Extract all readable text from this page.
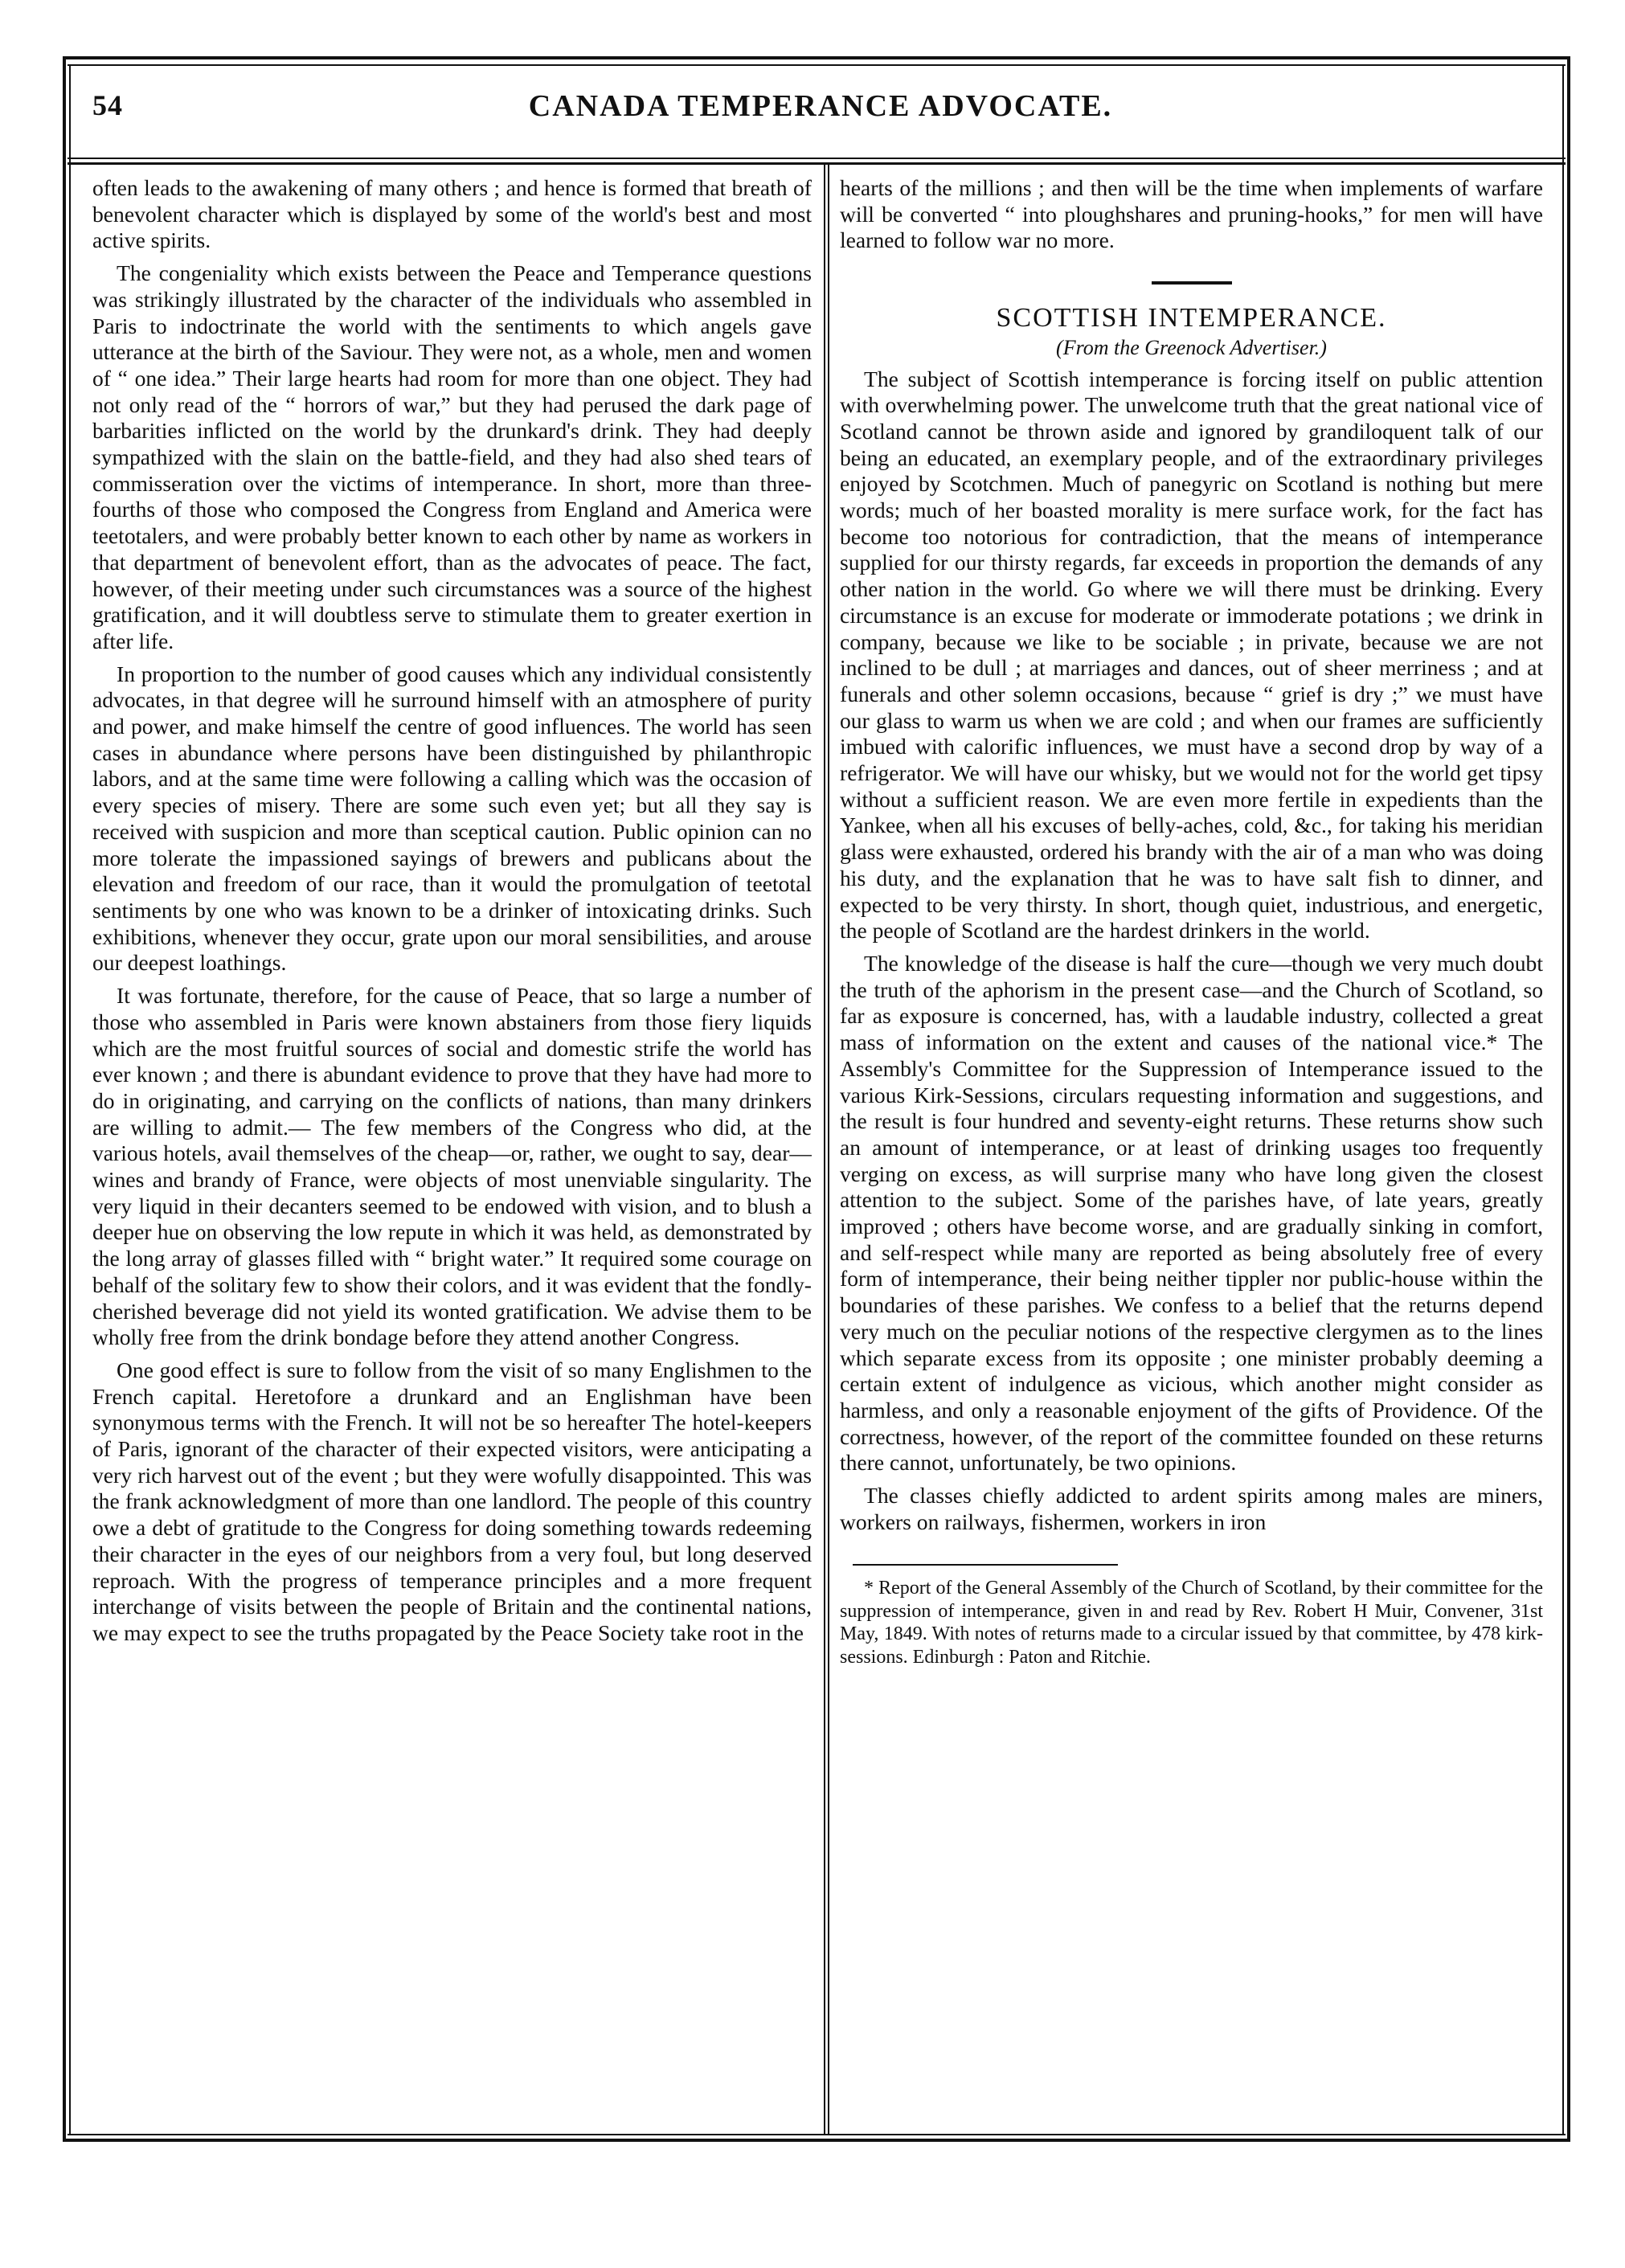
54	CANADA TEMPERANCE ADVOCATE.

often leads to the awakening of many others ; and hence is formed that breath of benevolent character which is displayed by some of the world's best and most active spirits.

The congeniality which exists between the Peace and Temperance questions was strikingly illustrated by the character of the individuals who assembled in Paris to indoctrinate the world with the sentiments to which angels gave utterance at the birth of the Saviour. They were not, as a whole, men and women of “ one idea.” Their large hearts had room for more than one object. They had not only read of the “ horrors of war,” but they had perused the dark page of barbarities inflicted on the world by the drunkard's drink. They had deeply sympathized with the slain on the battle-field, and they had also shed tears of commisseration over the victims of intemperance. In short, more than three-fourths of those who composed the Congress from England and America were teetotalers, and were probably better known to each other by name as workers in that department of benevolent effort, than as the advocates of peace. The fact, however, of their meeting under such circumstances was a source of the highest gratification, and it will doubtless serve to stimulate them to greater exertion in after life.

In proportion to the number of good causes which any individual consistently advocates, in that degree will he surround himself with an atmosphere of purity and power, and make himself the centre of good influences. The world has seen cases in abundance where persons have been distinguished by philanthropic labors, and at the same time were following a calling which was the occasion of every species of misery. There are some such even yet; but all they say is received with suspicion and more than sceptical caution. Public opinion can no more tolerate the impassioned sayings of brewers and publicans about the elevation and freedom of our race, than it would the promulgation of teetotal sentiments by one who was known to be a drinker of intoxicating drinks. Such exhibitions, whenever they occur, grate upon our moral sensibilities, and arouse our deepest loathings.

It was fortunate, therefore, for the cause of Peace, that so large a number of those who assembled in Paris were known abstainers from those fiery liquids which are the most fruitful sources of social and domestic strife the world has ever known ; and there is abundant evidence to prove that they have had more to do in originating, and carrying on the conflicts of nations, than many drinkers are willing to admit.— The few members of the Congress who did, at the various hotels, avail themselves of the cheap—or, rather, we ought to say, dear—wines and brandy of France, were objects of most unenviable singularity. The very liquid in their decanters seemed to be endowed with vision, and to blush a deeper hue on observing the low repute in which it was held, as demonstrated by the long array of glasses filled with “ bright water.” It required some courage on behalf of the solitary few to show their colors, and it was evident that the fondly-cherished beverage did not yield its wonted gratification. We advise them to be wholly free from the drink bondage before they attend another Congress.

One good effect is sure to follow from the visit of so many Englishmen to the French capital. Heretofore a drunkard and an Englishman have been synonymous terms with the French. It will not be so hereafter The hotel-keepers of Paris, ignorant of the character of their expected visitors, were anticipating a very rich harvest out of the event ; but they were wofully disappointed. This was the frank acknowledgment of more than one landlord. The people of this country owe a debt of gratitude to the Congress for doing something towards redeeming their character in the eyes of our neighbors from a very foul, but long deserved reproach. With the progress of temperance principles and a more frequent interchange of visits between the people of Britain and the continental nations, we may expect to see the truths propagated by the Peace Society take root in the

hearts of the millions ; and then will be the time when implements of warfare will be converted “ into ploughshares and pruning-hooks,” for men will have learned to follow war no more.

SCOTTISH INTEMPERANCE.
(From the Greenock Advertiser.)

The subject of Scottish intemperance is forcing itself on public attention with overwhelming power. The unwelcome truth that the great national vice of Scotland cannot be thrown aside and ignored by grandiloquent talk of our being an educated, an exemplary people, and of the extraordinary privileges enjoyed by Scotchmen. Much of panegyric on Scotland is nothing but mere words; much of her boasted morality is mere surface work, for the fact has become too notorious for contradiction, that the means of intemperance supplied for our thirsty regards, far exceeds in proportion the demands of any other nation in the world. Go where we will there must be drinking. Every circumstance is an excuse for moderate or immoderate potations ; we drink in company, because we like to be sociable ; in private, because we are not inclined to be dull ; at marriages and dances, out of sheer merriness ; and at funerals and other solemn occasions, because “ grief is dry ;” we must have our glass to warm us when we are cold ; and when our frames are sufficiently imbued with calorific influences, we must have a second drop by way of a refrigerator. We will have our whisky, but we would not for the world get tipsy without a sufficient reason. We are even more fertile in expedients than the Yankee, when all his excuses of belly-aches, cold, &c., for taking his meridian glass were exhausted, ordered his brandy with the air of a man who was doing his duty, and the explanation that he was to have salt fish to dinner, and expected to be very thirsty. In short, though quiet, industrious, and energetic, the people of Scotland are the hardest drinkers in the world.

The knowledge of the disease is half the cure—though we very much doubt the truth of the aphorism in the present case—and the Church of Scotland, so far as exposure is concerned, has, with a laudable industry, collected a great mass of information on the extent and causes of the national vice.* The Assembly's Committee for the Suppression of Intemperance issued to the various Kirk-Sessions, circulars requesting information and suggestions, and the result is four hundred and seventy-eight returns. These returns show such an amount of intemperance, or at least of drinking usages too frequently verging on excess, as will surprise many who have long given the closest attention to the subject. Some of the parishes have, of late years, greatly improved ; others have become worse, and are gradually sinking in comfort, and self-respect while many are reported as being absolutely free of every form of intemperance, their being neither tippler nor public-house within the boundaries of these parishes. We confess to a belief that the returns depend very much on the peculiar notions of the respective clergymen as to the lines which separate excess from its opposite ; one minister probably deeming a certain extent of indulgence as vicious, which another might consider as harmless, and only a reasonable enjoyment of the gifts of Providence. Of the correctness, however, of the report of the committee founded on these returns there cannot, unfortunately, be two opinions.

The classes chiefly addicted to ardent spirits among males are miners, workers on railways, fishermen, workers in iron

* Report of the General Assembly of the Church of Scotland, by their committee for the suppression of intemperance, given in and read by Rev. Robert H Muir, Convener, 31st May, 1849. With notes of returns made to a circular issued by that committee, by 478 kirk-sessions. Edinburgh : Paton and Ritchie.
